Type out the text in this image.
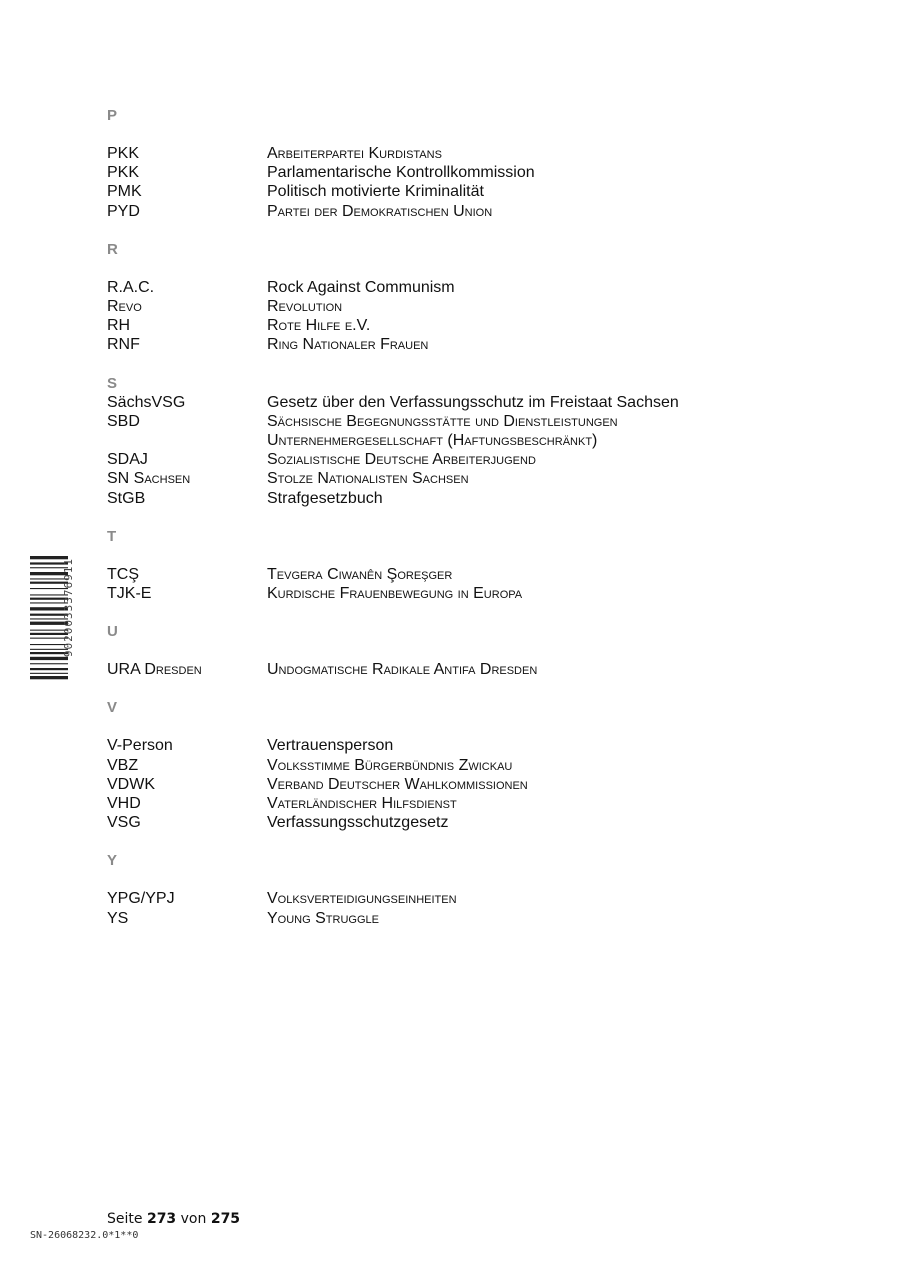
P
PKK	Arbeiterpartei Kurdistans
PKK	Parlamentarische Kontrollkommission
PMK	Politisch motivierte Kriminalität
PYD	Partei der Demokratischen Union
R
R.A.C.	Rock Against Communism
Revo	Revolution
RH	Rote Hilfe e.V.
RNF	Ring Nationaler Frauen
S
SächsVSG	Gesetz über den Verfassungsschutz im Freistaat Sachsen
SBD	Sächsische Begegnungsstätte und Dienstleistungen
Unternehmergesellschaft (Haftungsbeschränkt)
SDAJ	Sozialistische Deutsche Arbeiterjugend
SN Sachsen	Stolze Nationalisten Sachsen
StGB	Strafgesetzbuch
T
TCŞ	Tevgera Ciwanên Şoreşger
TJK-E	Kurdische Frauenbewegung in Europa
U
URA Dresden	Undogmatische Radikale Antifa Dresden
V
V-Person	Vertrauensperson
VBZ	Volksstimme Bürgerbündnis Zwickau
VDWK	Verband Deutscher Wahlkommissionen
VHD	Vaterländischer Hilfsdienst
VSG	Verfassungsschutzgesetz
Y
YPG/YPJ	Volksverteidigungseinheiten
YS	Young Struggle
9020033376911
Seite 273 von 275
SN-26068232.0*1**0
